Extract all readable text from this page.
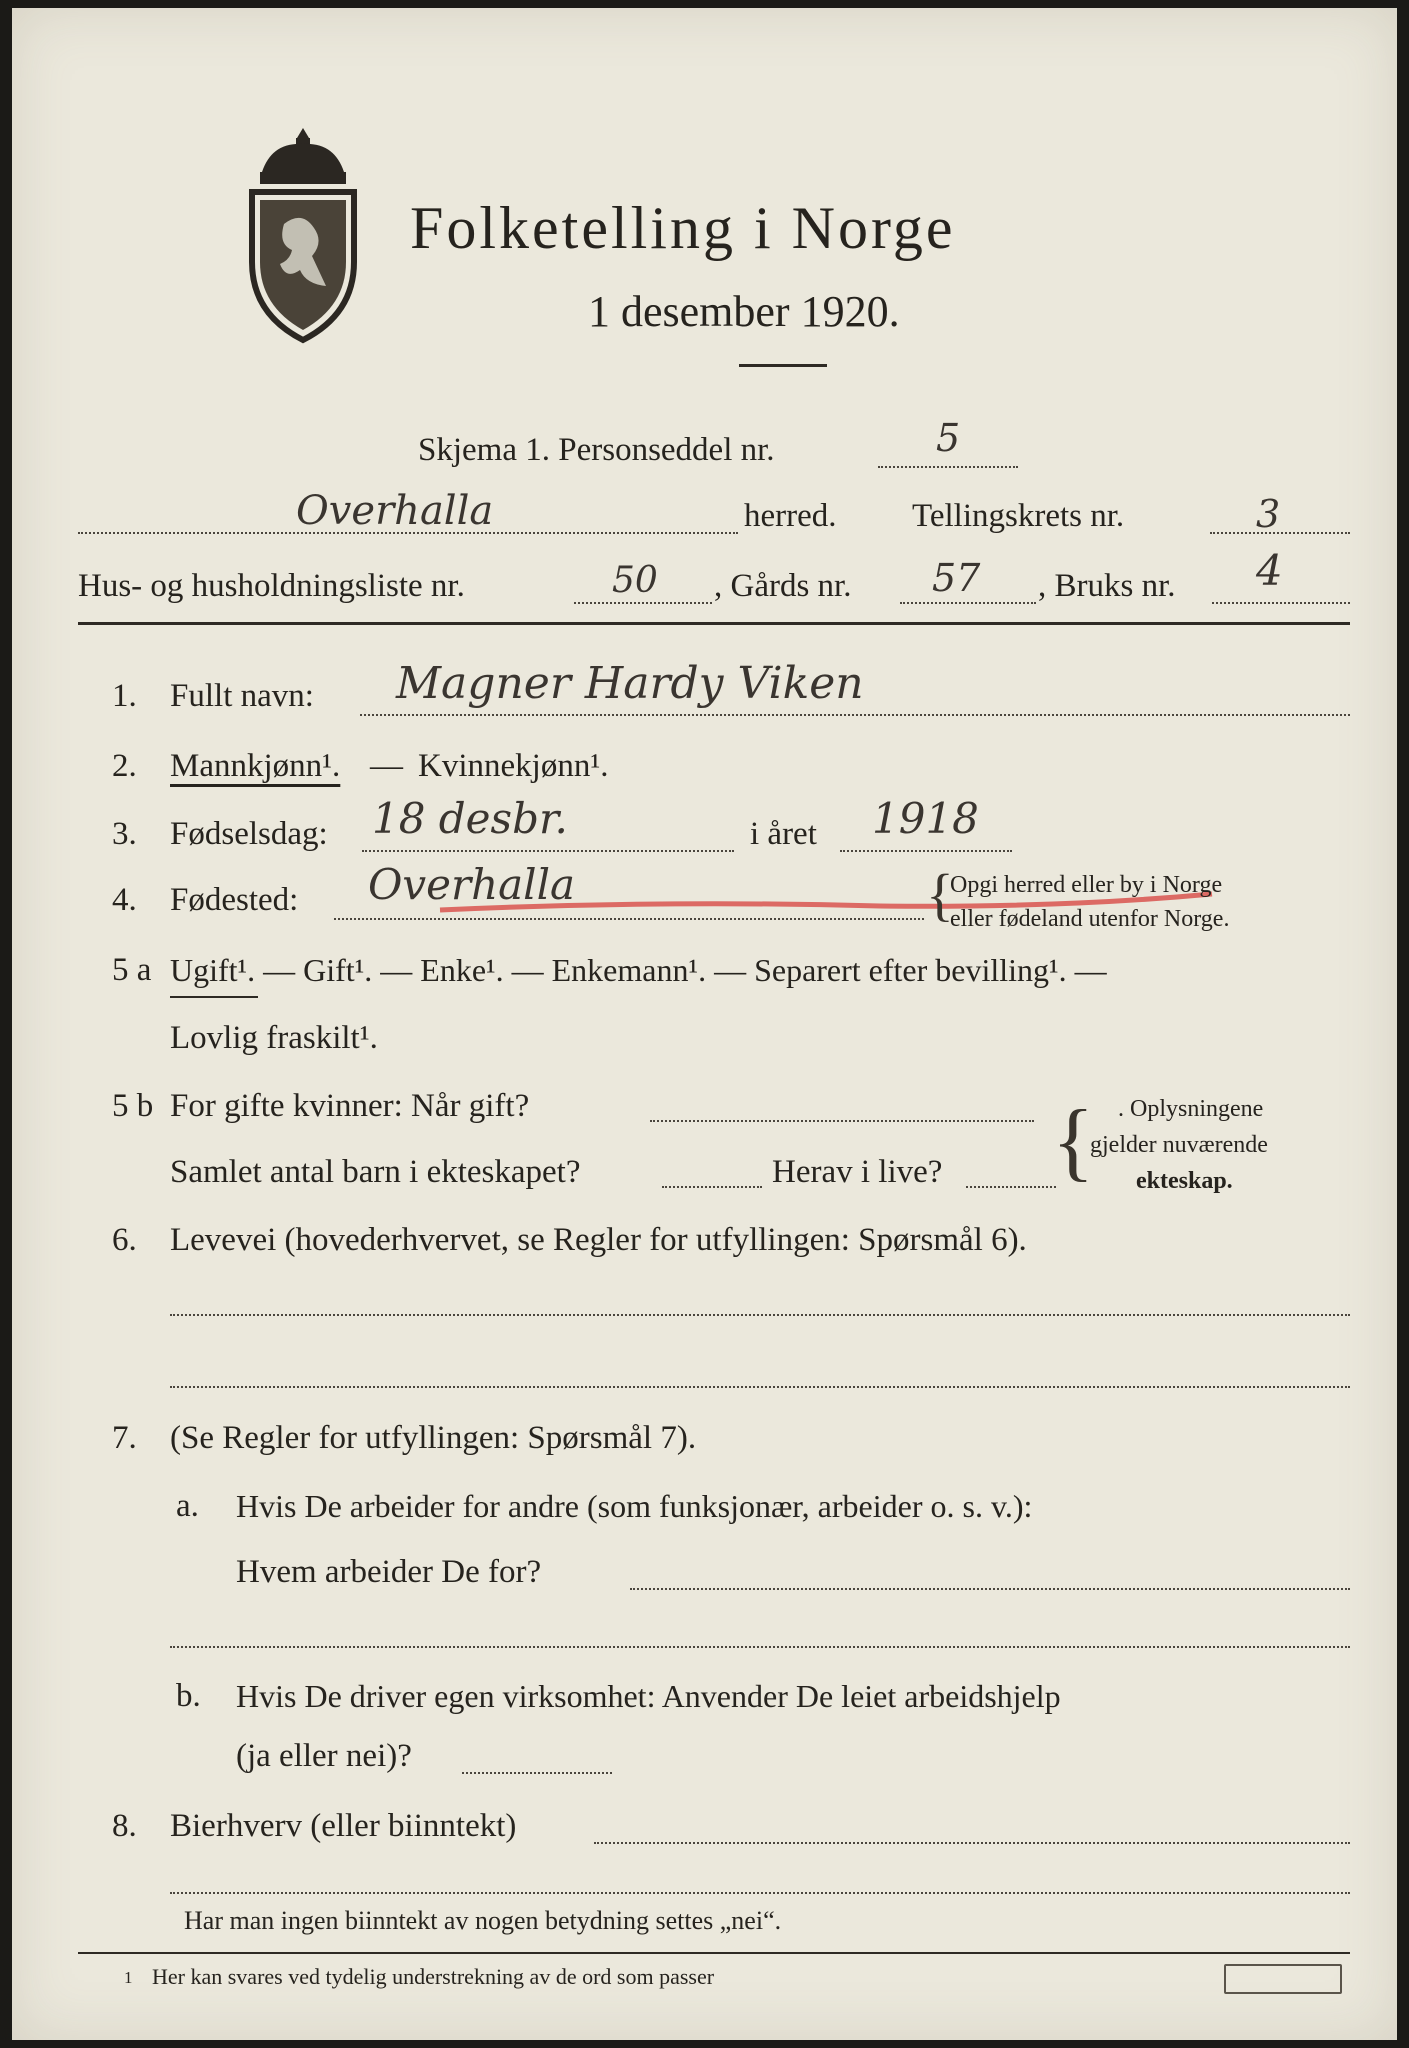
Folketelling i Norge
1 desember 1920.
Skjema 1. Personseddel nr.	5
Overhalla	herred. Tellingskrets nr.	3
Hus- og husholdningsliste nr.	50 , Gårds nr. 57 , Bruks nr. 4
1. Fullt navn: Magner Hardy Viken
2. Mannkjønn¹. — Kvinnekjønn¹.
3. Fødselsdag: 18 desbr.	i året 1918
4. Fødested: Overhalla	{
Opgi herred eller by i Norge
eller fødeland utenfor Norge.
5 a Ugift¹. — Gift¹. — Enke¹. — Enkemann¹. — Separert efter bevilling¹. —
Lovlig fraskilt¹.
5 b For gifte kvinner: Når gift?
Samlet antal barn i ekteskapet?	Herav i live? { . Oplysningene
gjelder nuværende
ekteskap.
6. Levevei (hovederhvervet, se Regler for utfyllingen: Spørsmål 6).
7. (Se Regler for utfyllingen: Spørsmål 7).
a. Hvis De arbeider for andre (som funksjonær, arbeider o. s. v.):
Hvem arbeider De for?
b. Hvis De driver egen virksomhet: Anvender De leiet arbeidshjelp
(ja eller nei)?
8. Bierhverv (eller biinntekt)
Har man ingen biinntekt av nogen betydning settes „nei“.
1 Her kan svares ved tydelig understrekning av de ord som passer
